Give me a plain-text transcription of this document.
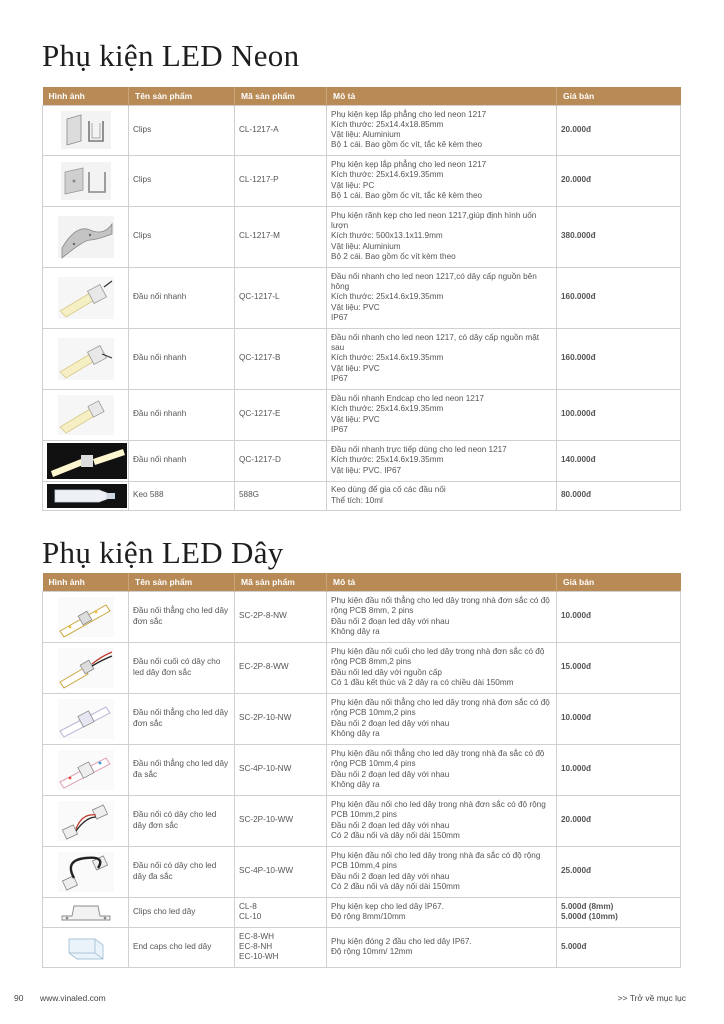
Phụ kiện LED Neon
Hình ảnh	Tên sản phẩm	Mã sản phẩm	Mô tả	Giá bán

	Clips	CL-1217-A	Phụ kiện kẹp lắp phẳng cho led neon 1217
Kích thước: 25x14.4x18.85mm
Vật liệu: Aluminium
Bộ 1 cái. Bao gồm ốc vít, tắc kê kèm theo	20.000đ

	Clips	CL-1217-P	Phụ kiện kẹp lắp phẳng cho led neon 1217
Kích thước: 25x14.6x19.35mm
Vật liệu: PC
Bộ 1 cái. Bao gồm ốc vít, tắc kê kèm theo	20.000đ

	Clips	CL-1217-M	Phụ kiện rãnh kẹp cho led neon 1217,giúp định hình uốn lượn
Kích thước: 500x13.1x11.9mm
Vật liệu: Aluminium
Bộ 2 cái. Bao gồm ốc vít kèm theo	380.000đ

	Đầu nối nhanh	QC-1217-L	Đầu nối nhanh cho led neon 1217,có dây cấp nguồn bên hông
Kích thước: 25x14.6x19.35mm
Vật liệu: PVC
IP67	160.000đ

	Đầu nối nhanh	QC-1217-B	Đầu nối nhanh cho led neon 1217, có dây cấp nguồn mặt sau
Kích thước: 25x14.6x19.35mm
Vật liệu: PVC
IP67	160.000đ

	Đầu nối nhanh	QC-1217-E	Đầu nối nhanh Endcap cho led neon 1217
Kích thước: 25x14.6x19.35mm
Vật liệu: PVC
IP67	100.000đ

	Đầu nối nhanh	QC-1217-D	Đầu nối nhanh trực tiếp dùng cho led neon 1217
Kích thước: 25x14.6x19.35mm
Vật liệu: PVC. IP67	140.000đ

	Keo 588	588G	Keo dùng để gia cố các đầu nối
Thể tích: 10ml	80.000đ
Phụ kiện LED Dây
Hình ảnh	Tên sản phẩm	Mã sản phẩm	Mô tả	Giá bán

	Đầu nối thẳng cho led dây đơn sắc	SC-2P-8-NW	Phụ kiện đầu nối thẳng cho led dây trong nhà đơn sắc có độ rộng PCB 8mm, 2 pins
Đầu nối 2 đoạn led dây với nhau
Không dây ra	10.000đ

	Đầu nối cuối có dây cho led dây đơn sắc	EC-2P-8-WW	Phụ kiện đầu nối cuối cho led dây trong nhà đơn sắc có độ rộng PCB 8mm,2 pins
Đầu nối led dây với nguồn cấp
Có 1 đầu kết thúc và 2 dây ra có chiều dài 150mm	15.000đ

	Đầu nối thẳng cho led dây đơn sắc	SC-2P-10-NW	Phụ kiện đầu nối thẳng cho led dây trong nhà đơn sắc có độ rộng PCB 10mm,2 pins
Đầu nối 2 đoạn led dây với nhau
Không dây ra	10.000đ

	Đầu nối thẳng cho led dây đa sắc	SC-4P-10-NW	Phụ kiện đầu nối thẳng cho led dây trong nhà đa sắc có độ rộng PCB 10mm,4 pins
Đầu nối 2 đoạn led dây với nhau
Không dây ra	10.000đ

	Đầu nối có dây cho led dây đơn sắc	SC-2P-10-WW	Phụ kiện đầu nối cho led dây trong nhà đơn sắc có độ rộng PCB 10mm,2 pins
Đầu nối 2 đoạn led dây với nhau
Có 2 đầu nối và dây nối dài 150mm	20.000đ

	Đầu nối có dây cho led dây đa sắc	SC-4P-10-WW	Phụ kiện đầu nối cho led dây trong nhà đa sắc có độ rộng PCB 10mm,4 pins
Đầu nối 2 đoạn led dây với nhau
Có 2 đầu nối và dây nối dài 150mm	25.000đ

	Clips cho led dây	CL-8
CL-10	Phụ kiện kẹp cho led dây IP67.
Độ rộng 8mm/10mm	5.000đ (8mm)
5.000đ (10mm)

	End caps cho led dây	EC-8-WH
EC-8-NH
EC-10-WH	Phụ kiện đóng 2 đầu cho led dây IP67.
Độ rộng 10mm/ 12mm	5.000đ
90 www.vinaled.com	>> Trở về mục lục
